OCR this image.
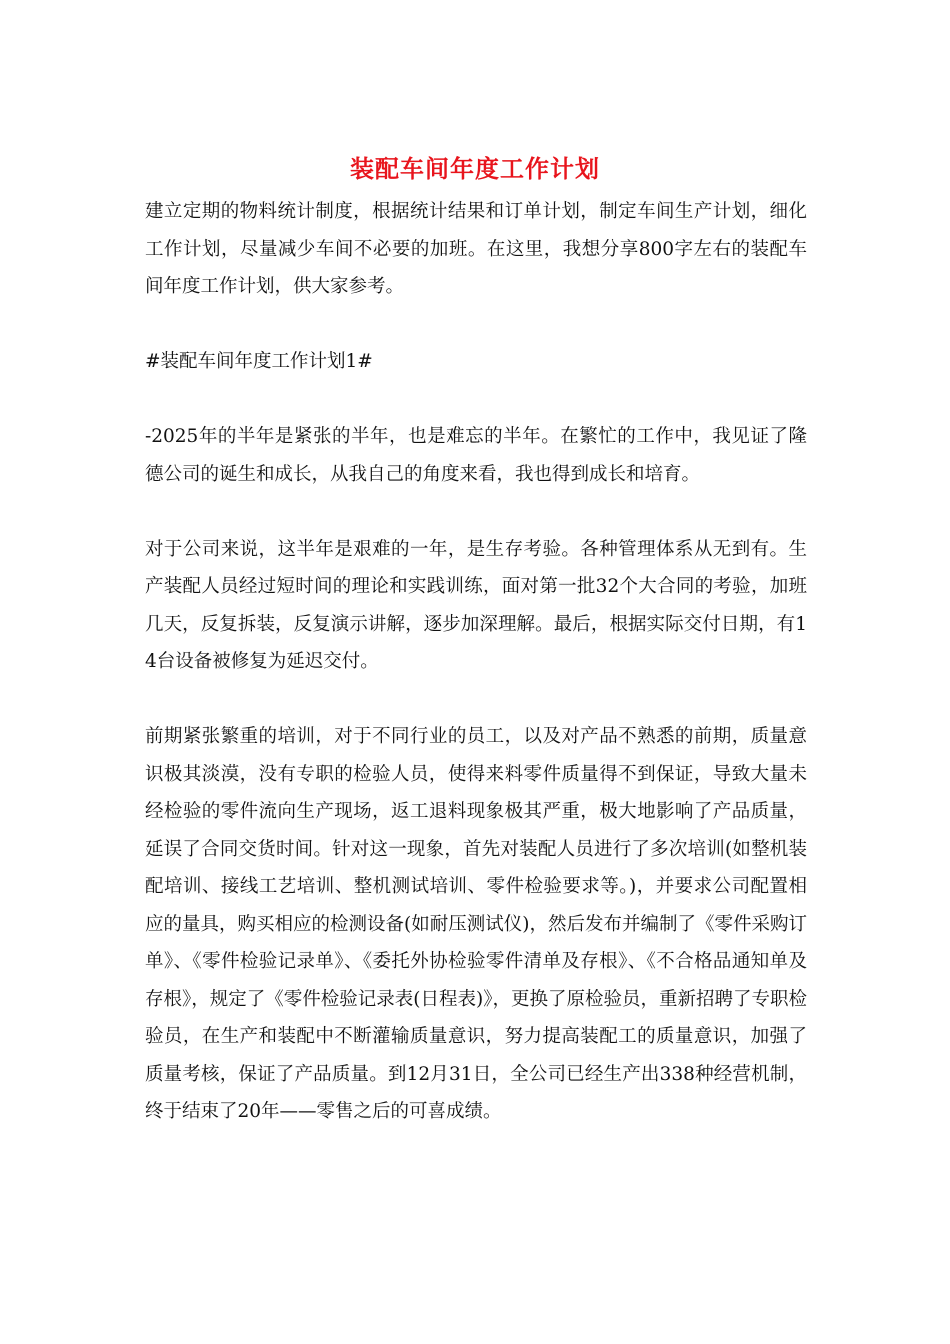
装配车间年度工作计划

建立定期的物料统计制度，根据统计结果和订单计划，制定车间生产计划，细化工作计划，尽量减少车间不必要的加班。在这里，我想分享800字左右的装配车间年度工作计划，供大家参考。

#装配车间年度工作计划1#

-2025年的半年是紧张的半年，也是难忘的半年。在繁忙的工作中，我见证了隆德公司的诞生和成长，从我自己的角度来看，我也得到成长和培育。

对于公司来说，这半年是艰难的一年，是生存考验。各种管理体系从无到有。生产装配人员经过短时间的理论和实践训练，面对第一批32个大合同的考验，加班几天，反复拆装，反复演示讲解，逐步加深理解。最后，根据实际交付日期，有14台设备被修复为延迟交付。

前期紧张繁重的培训，对于不同行业的员工，以及对产品不熟悉的前期，质量意识极其淡漠，没有专职的检验人员，使得来料零件质量得不到保证，导致大量未经检验的零件流向生产现场，返工退料现象极其严重，极大地影响了产品质量，延误了合同交货时间。针对这一现象，首先对装配人员进行了多次培训(如整机装配培训、接线工艺培训、整机测试培训、零件检验要求等。)，并要求公司配置相应的量具，购买相应的检测设备(如耐压测试仪)，然后发布并编制了《零件采购订单》、《零件检验记录单》、《委托外协检验零件清单及存根》、《不合格品通知单及存根》，规定了《零件检验记录表(日程表)》，更换了原检验员，重新招聘了专职检验员，在生产和装配中不断灌输质量意识，努力提高装配工的质量意识，加强了质量考核，保证了产品质量。到12月31日，全公司已经生产出338种经营机制，终于结束了20年——零售之后的可喜成绩。
